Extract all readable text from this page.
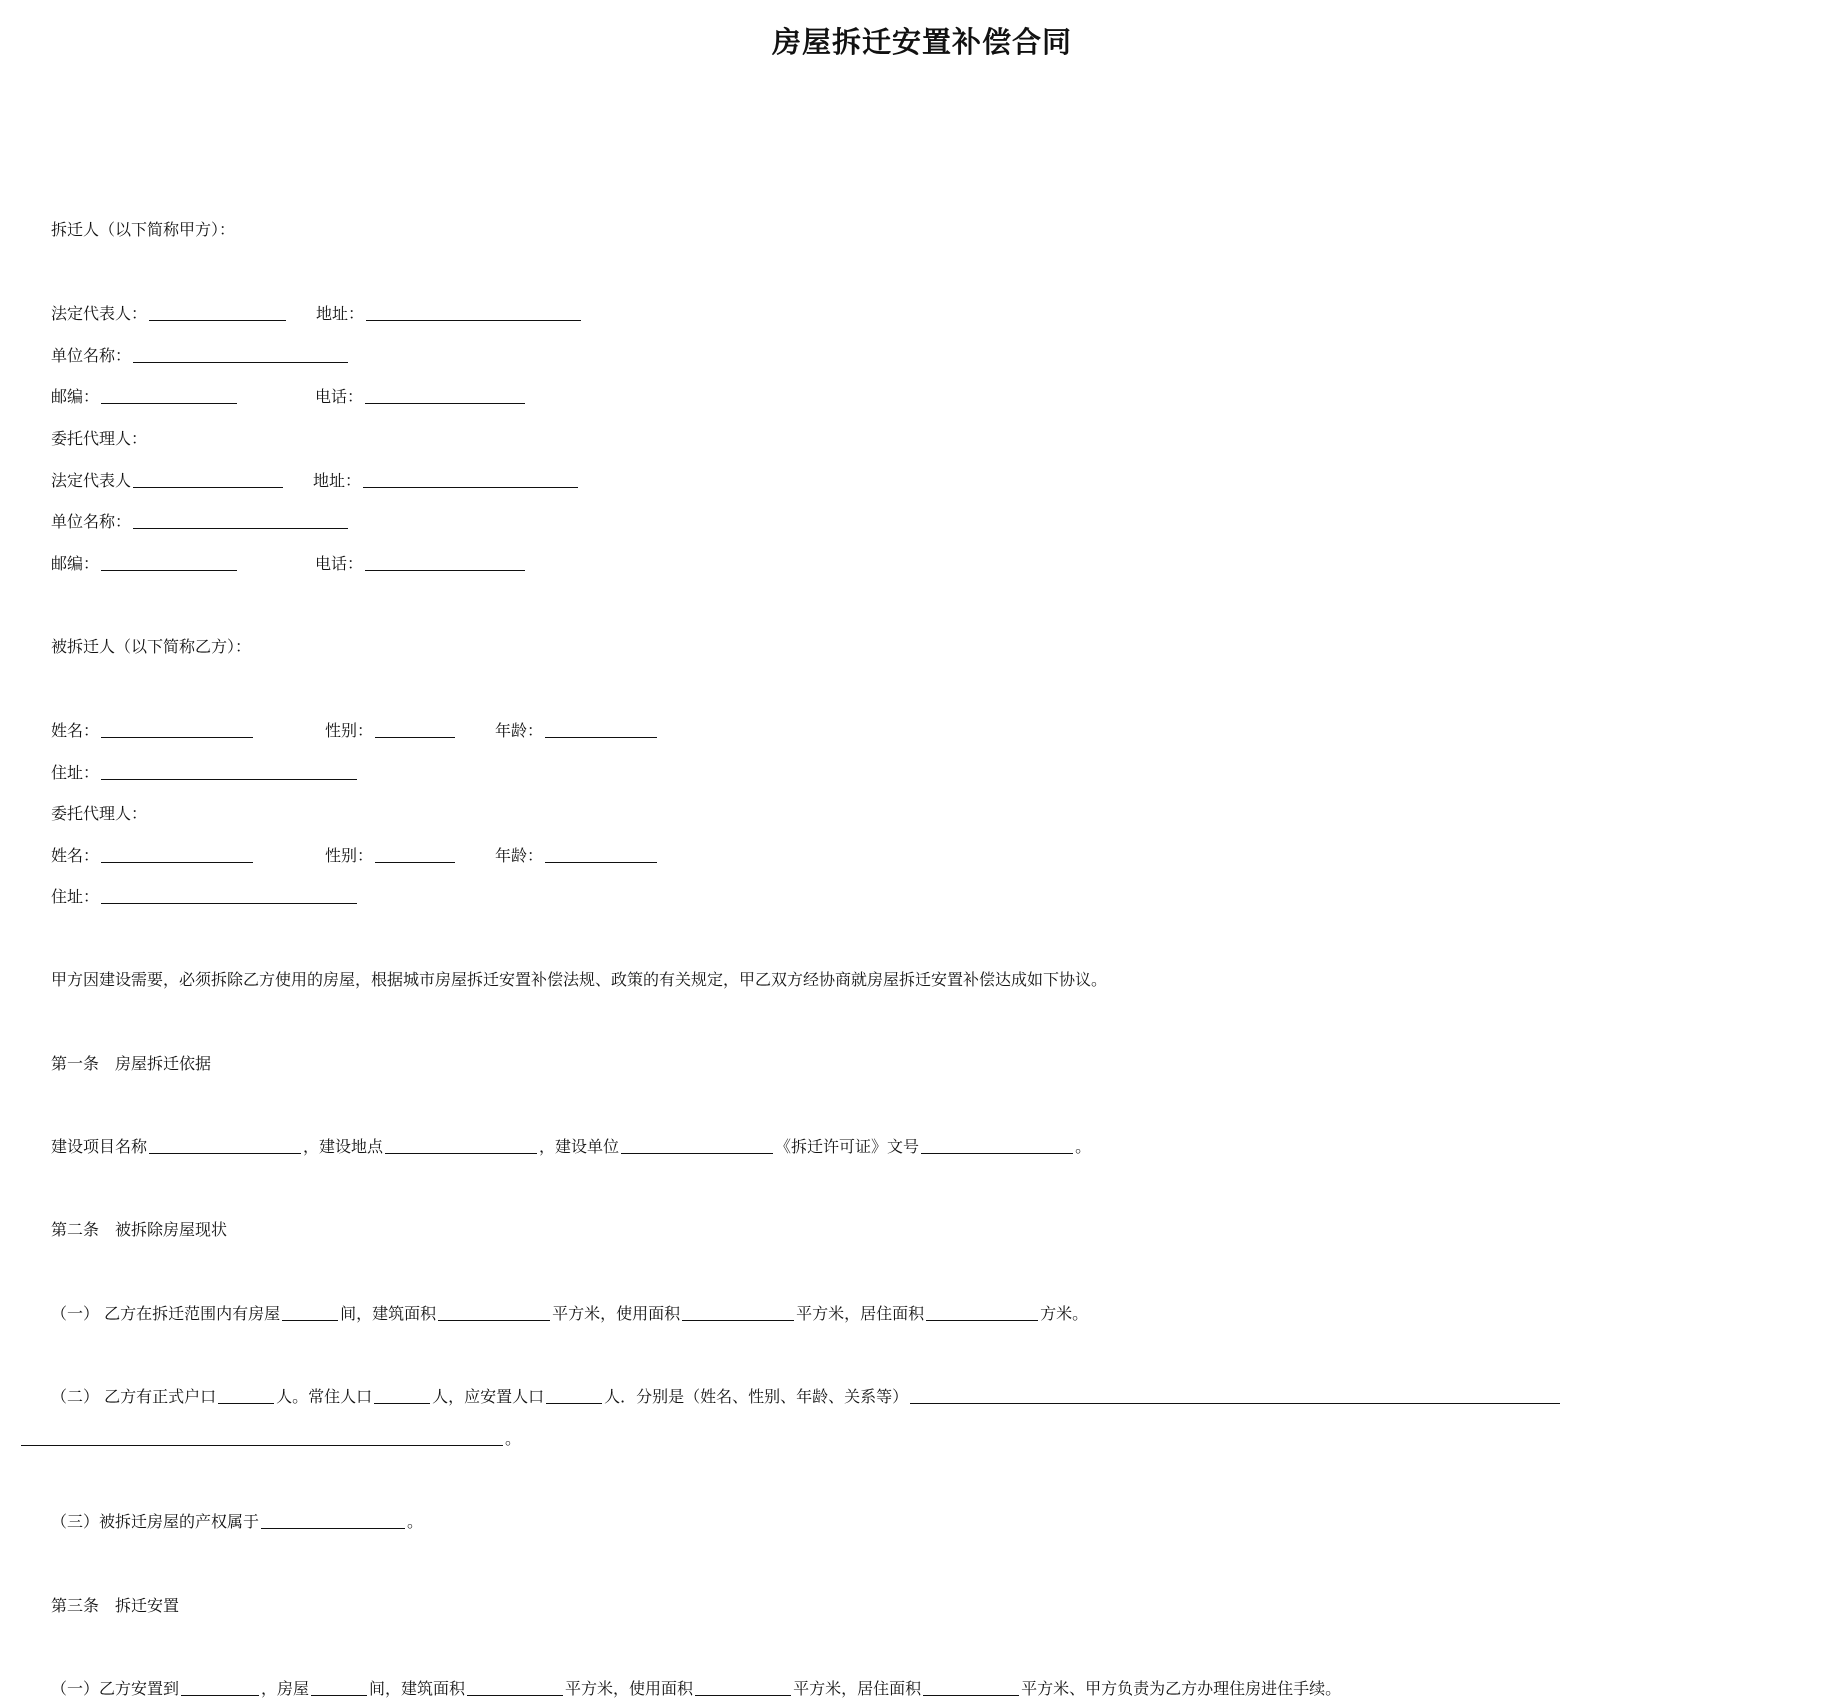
房屋拆迁安置补偿合同
拆迁人（以下简称甲方）：
法定代表人：	地址：
单位名称：
邮编：	电话：
委托代理人：
法定代表人	地址：
单位名称：
邮编：	电话：
被拆迁人（以下简称乙方）：
姓名：	性别：	年龄：
住址：
委托代理人：
姓名：	性别：	年龄：
住址：
甲方因建设需要，必须拆除乙方使用的房屋，根据城市房屋拆迁安置补偿法规、政策的有关规定，甲乙双方经协商就房屋拆迁安置补偿达成如下协议。
第一条　房屋拆迁依据
建设项目名称	，建设地点	，建设单位	《拆迁许可证》文号	。
第二条　被拆除房屋现状
（一） 乙方在拆迁范围内有房屋	间，建筑面积	平方米，使用面积	平方米，居住面积	方米。
（二） 乙方有正式户口	人。常住人口	人，应安置人口	人．分别是（姓名、性别、年龄、关系等）
。
（三）被拆迁房屋的产权属于	。
第三条　拆迁安置
（一）乙方安置到	，房屋	间，建筑面积	平方米，使用面积	平方米，居住面积	平方米、甲方负责为乙方办理住房进住手续。
